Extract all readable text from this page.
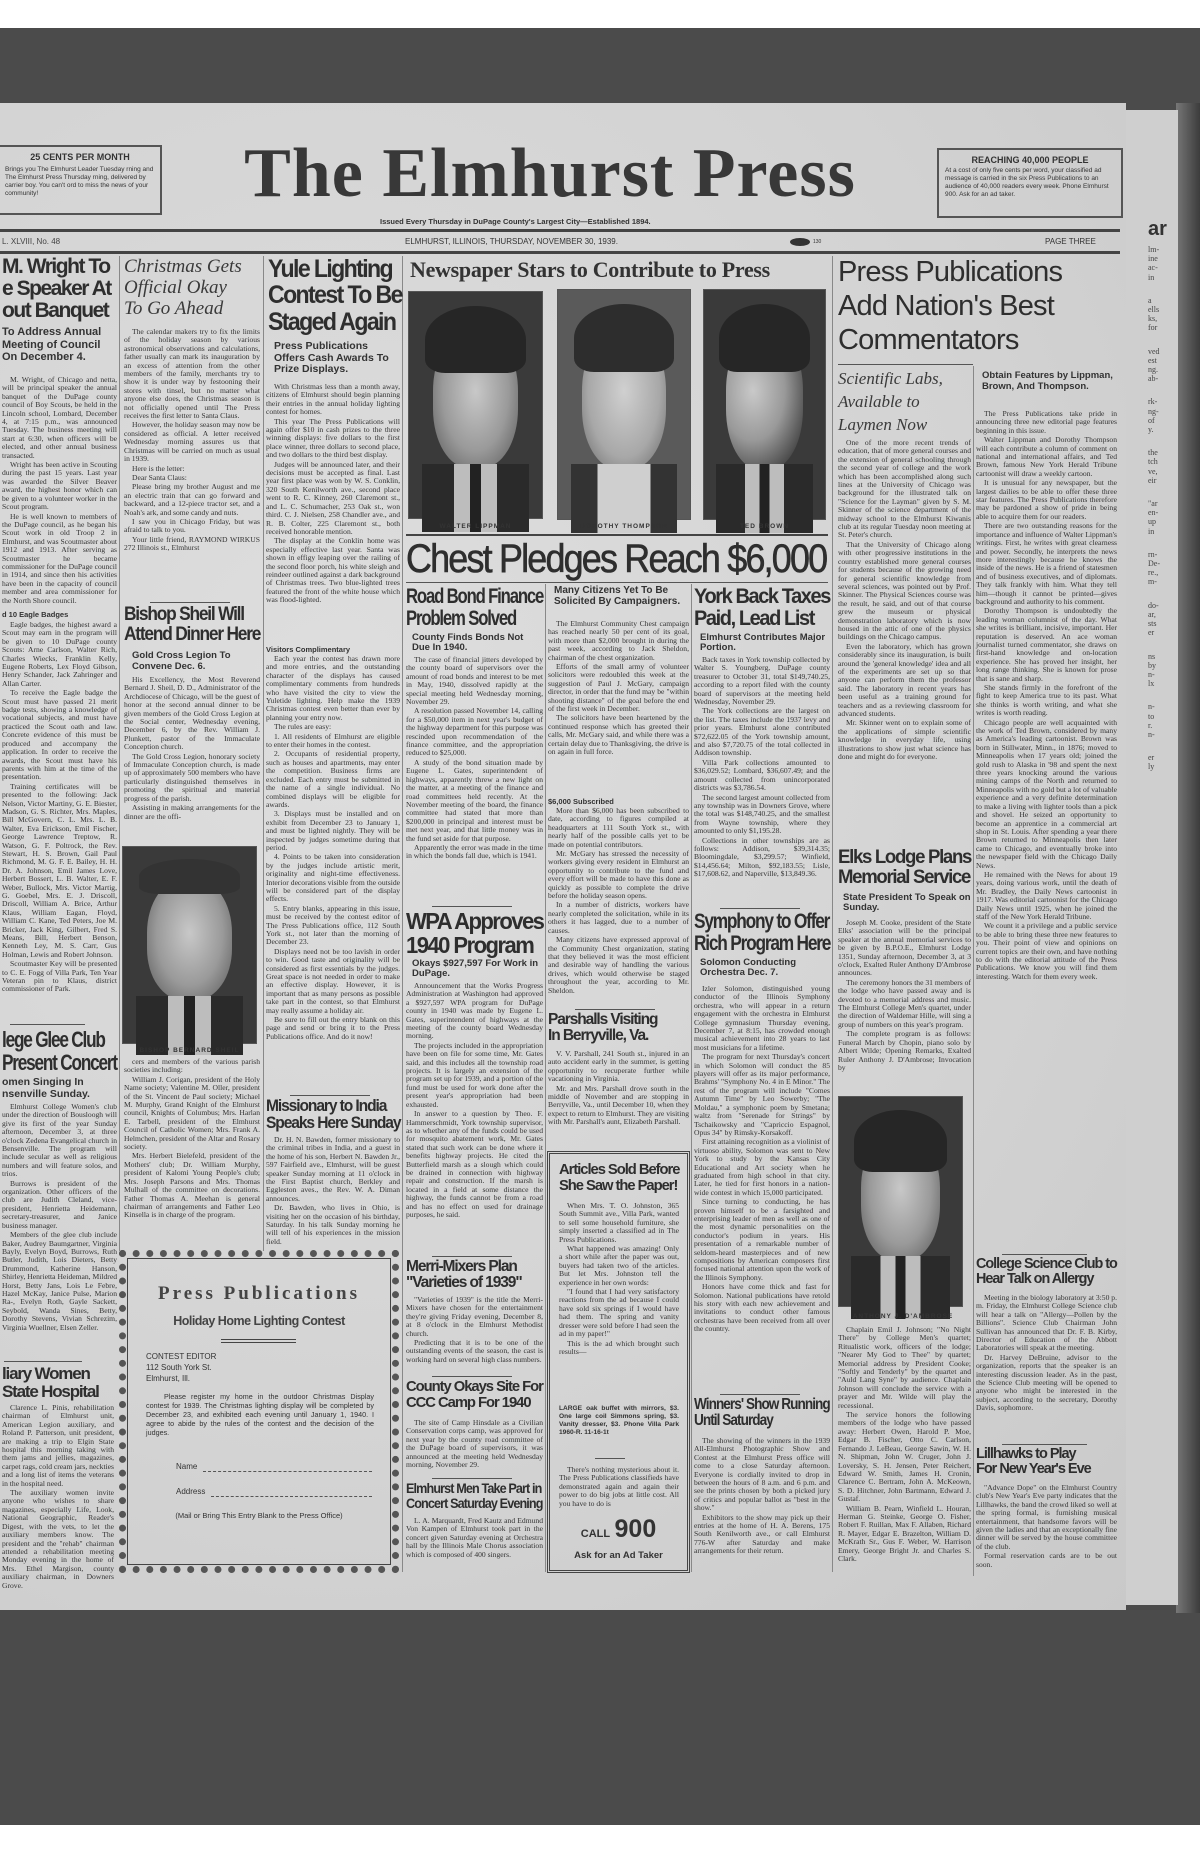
lm-
ine
ac-
in
a
ells
ks,
for
ved
est
ng.
ab-
rk-
ng-
of
y.
the
tch
ve,
eir
"ar
en-
up
in
rn-
De-
re.,
m-
do-
ar,
sts
er
ns
by
n-
lx
n-
to
r.
n-
er
ly
ar
25 CENTS PER MONTH
Brings you The Elmhurst Leader Tuesday rning and The Elmhurst Press Thursday rning, delivered by carrier boy. You can't ord to miss the news of your community!	The Elmhurst Press
Issued Every Thursday in DuPage County's Largest City—Established 1894.
REACHING 40,000 PEOPLE
At a cost of only five cents per word, your classified ad message is carried in the six Press Publications to an audience of 40,000 readers every week. Phone Elmhurst 900. Ask for an ad taker.
L. XLVIII, No. 48	ELMHURST, ILLINOIS, THURSDAY, NOVEMBER 30, 1939.	130	PAGE THREE
M. Wright To
e Speaker At
out Banquet
To Address Annual Meeting of Council On December 4.

M. Wright, of Chicago and netta, will be principal speaker the annual banquet of the DuPage county council of Boy Scouts, be held in the Lincoln school, Lombard, December 4, at 7:15 p.m., was announced Tuesday. The business meeting will start at 6:30, when officers will be elected, and other annual business transacted.

Wright has been active in Scouting during the past 15 years. Last year was awarded the Silver Beaver award, the highest honor which can be given to a volunteer worker in the Scout program.

He is well known to members of the DuPage council, as he began his Scout work in old Troop 2 in Elmhurst, and was Scoutmaster about 1912 and 1913. After serving as Scoutmaster he became commissioner for the DuPage council in 1914, and since then his activities have been in the capacity of council member and area commissioner for the North Shore council.

d 10 Eagle Badges

Eagle badges, the highest award a Scout may earn in the program will be given to 10 DuPage county Scouts: Arne Carlson, Walter Rich, Charles Wiecks, Franklin Kelly, Eugene Roberts, Lex Floyd Gibson, Henry Schander, Jack Zahringer and Allan Carter.

To receive the Eagle badge the Scout must have passed 21 merit badge tests, showing a knowledge of vocational subjects, and must have practiced the Scout oath and law. Concrete evidence of this must be produced and accompany the application. In order to receive the awards, the Scout must have his parents with him at the time of the presentation.

Training certificates will be presented to the following: Jack Nelson, Victor Martiny, G. E. Biester, Madson, G. S. Richter, Mrs. Maples, Bill McGovern, C. L. Mrs. L. B. Walter, Eva Erickson, Emil Fischer, George Lawrence Treptow, R. Watson, G. F. Poltrock, the Rev. Stewart, H. S. Brown, Gail Paul Richmond, M. G. F. E. Bailey, H. H. Dr. A. Johnson, Emil James Love, Herbert Bossert, L. B. Walter, E. F. Weber, Bullock, Mrs. Victor Martig, G. Goebel, Mrs. E. J. Driscoll, Driscoll, William A. Brice, Arthur Klaus, William Eagan, Floyd, William C. Kane, Ted Peters, Joe M. Bricker, Jack King, Gilbert, Fred S. Means, Bill, Herbert Benson, Kenneth Ley, M. S. Carr, Gus Holman, Lewis and Robert Johnson.

Scoutmaster Key will be presented to C. E. Fogg of Villa Park, Ten Year Veteran pin to Klaus, district commissioner of Park.

lege Glee Club
Present Concert
omen Singing In nsenville Sunday.

Elmhurst College Women's club under the direction of Bousloogh will give its first of the year Sunday afternoon, December 3, at three o'clock Zedena Evangelical church in Bensenville. The program will include secular as well as religious numbers and will feature solos, and trios.

Burrows is president of the organization. Other officers of the club are Judith Cleland, vice-president, Henrietta Heidemann, secretary-treasurer, and Janice business manager.

Members of the glee club include Baker, Audrey Baumgartner, Virginia Bayly, Evelyn Boyd, Burrows, Ruth Butler, Judith, Lois Dieters, Betty Drummond, Katherine Hanson, Shirley, Henrietta Heideman, Mildred Horst, Betty Jans, Lois Le Febre, Hazel McKay, Janice Pulse, Marion Ra-, Evelyn Roth, Gayle Sackett, Seybold, Wanda Sines, Betty, Dorothy Stevens, Vivian Schrezim, Virginia Wuellner, Elsen Zeller.

liary Women
State Hospital

Clarence L. Pinis, rehabilitation chairman of Elmhurst unit, American Legion auxiliary, and Roland P. Patterson, unit president, are making a trip to Elgin State hospital this morning taking with them jams and jellies, magazines, carpet rags, cold cream jars, neckties and a long list of items the veterans in the hospital need.

The auxiliary women invite anyone who wishes to share magazines, especially Life, Look, National Geographic, Reader's Digest, with the vets, to let the auxiliary members know. The president and the "rehab" chairman attended a rehabilitation meeting Monday evening in the home of Mrs. Ethel Margison, county auxiliary chairman, in Downers Grove.

Christmas Gets
Official Okay
To Go Ahead

The calendar makers try to fix the limits of the holiday season by various astronomical observations and calculations, father usually can mark its inauguration by an excess of attention from the other members of the family, merchants try to show it is under way by festooning their stores with tinsel, but no matter what anyone else does, the Christmas season is not officially opened until The Press receives the first letter to Santa Claus.

However, the holiday season may now be considered as official. A letter received Wednesday morning assures us that Christmas will be carried on much as usual in 1939.

Here is the letter:

Dear Santa Claus:

Please bring my brother August and me an electric train that can go forward and backward, and a 12-piece tractor set, and a Noah's ark, and some candy and nuts.

I saw you in Chicago Friday, but was afraid to talk to you.

Your little friend, RAYMOND WIRKUS 272 Illinois st., Elmhurst

Bishop Sheil Will
Attend Dinner Here
Gold Cross Legion To Convene Dec. 6.

His Excellency, the Most Reverend Bernard J. Sheil, D. D., Administrator of the Archdiocese of Chicago, will be the guest of honor at the second annual dinner to be given members of the Gold Cross Legion at the Social center, Wednesday evening, December 6, by the Rev. William J. Plunkett, pastor of the Immaculate Conception church.

The Gold Cross Legion, honorary society of Immaculate Conception church, is made up of approximately 500 members who have particularly distinguished themselves in promoting the spiritual and material progress of the parish.

Assisting in making arrangements for the dinner are the offi-

BISHOP BERNARD SHEIL

cers and members of the various parish societies including:

William J. Corigan, president of the Holy Name society; Valentine M. Oller, president of the St. Vincent de Paul society; Michael M. Murphy, Grand Knight of the Elmhurst council, Knights of Columbus; Mrs. Harlan E. Tarbell, president of the Elmhurst Council of Catholic Women; Mrs. Frank A. Helmchen, president of the Altar and Rosary society.

Mrs. Herbert Bielefeld, president of the Mothers' club; Dr. William Murphy, president of Kalomi Young People's club; Mrs. Joseph Parsons and Mrs. Thomas Mulhall of the committee on decorations. Father Thomas A. Meehan is general chairman of arrangements and Father Leo Kinsella is in charge of the program.

Yule Lighting
Contest To Be
Staged Again
Press Publications Offers Cash Awards To Prize Displays.

With Christmas less than a month away, citizens of Elmhurst should begin planning their entries in the annual holiday lighting contest for homes.

This year The Press Publications will again offer $10 in cash prizes to the three winning displays: five dollars to the first place winner, three dollars to second place, and two dollars to the third best display.

Judges will be announced later, and their decisions must be accepted as final. Last year first place was won by W. S. Conklin, 320 South Kenilworth ave., second place went to R. C. Kinney, 260 Claremont st., and L. C. Schumacher, 253 Oak st., won third. C. J. Nielsen, 258 Chandler ave., and R. B. Colter, 225 Claremont st., both received honorable mention.

The display at the Conklin home was especially effective last year. Santa was shown in effigy leaping over the railing of the second floor porch, his white sleigh and reindeer outlined against a dark background of Christmas trees. Two blue-lighted trees featured the front of the white house which was flood-lighted.

Visitors Complimentary

Each year the contest has drawn more and more entries, and the outstanding character of the displays has caused complimentary comments from hundreds who have visited the city to view the Yuletide lighting. Help make the 1939 Christmas contest even better than ever by planning your entry now.

The rules are easy:

1. All residents of Elmhurst are eligible to enter their homes in the contest.

2. Occupants of residential property, such as houses and apartments, may enter the competition. Business firms are excluded. Each entry must be submitted in the name of a single individual. No combined displays will be eligible for awards.

3. Displays must be installed and on exhibit from December 23 to January 1, and must be lighted nightly. They will be inspected by judges sometime during that period.

4. Points to be taken into consideration by the judges include artistic merit, originality and night-time effectiveness. Interior decorations visible from the outside will be considered part of the display effects.

5. Entry blanks, appearing in this issue, must be received by the contest editor of The Press Publications office, 112 South York st., not later than the morning of December 23.

Displays need not be too lavish in order to win. Good taste and originality will be considered as first essentials by the judges. Great space is not needed in order to make an effective display. However, it is important that as many persons as possible take part in the contest, so that Elmhurst may really assume a holiday air.

Be sure to fill out the entry blank on this page and send or bring it to the Press Publications office. And do it now!

Missionary to India
Speaks Here Sunday

Dr. H. N. Bawden, former missionary to the criminal tribes in India, and a guest in the home of his son, Herbert N. Bawden Jr., 597 Fairfield ave., Elmhurst, will be guest speaker Sunday morning at 11 o'clock in the First Baptist church, Berkley and Eggleston aves., the Rev. W. A. Diman announces.

Dr. Bawden, who lives in Ohio, is visiting her on the occasion of his birthday, Saturday. In his talk Sunday morning he will tell of his experiences in the mission field.

Press Publications
Holiday Home Lighting Contest
CONTEST EDITOR
112 South York St.
Elmhurst, Ill.
Please register my home in the outdoor Christmas Display contest for 1939. The Christmas lighting display will be completed by December 23, and exhibited each evening until January 1, 1940. I agree to abide by the rules of the contest and the decision of the judges.
Name
Address
(Mail or Bring This Entry Blank to the Press Office)
Newspaper Stars to Contribute to Press
WALTER LIPPMAN	DOROTHY THOMPSON	TED BROWN
Chest Pledges Reach $6,000
Road Bond Finance
Problem Solved
County Finds Bonds Not Due In 1940.

The case of financial jitters developed by the county board of supervisors over the amount of road bonds and interest to be met in May, 1940, dissolved rapidly at the special meeting held Wednesday morning, November 29.

A resolution passed November 14, calling for a $50,000 item in next year's budget of the highway department for this purpose was rescinded upon recommendation of the finance committee, and the appropriation reduced to $25,000.

A study of the bond situation made by Eugene L. Gates, superintendent of highways, apparently threw a new light on the matter, at a meeting of the finance and road committees held recently. At the November meeting of the board, the finance committee had stated that more than $200,000 in principal and interest must be met next year, and that little money was in the fund set aside for that purpose.

Apparently the error was made in the time in which the bonds fall due, which is 1941.

WPA Approves
1940 Program
Okays $927,597 For Work in DuPage.

Announcement that the Works Progress Administration at Washington had approved a $927,597 WPA program for DuPage county in 1940 was made by Eugene L. Gates, superintendent of highways at the meeting of the county board Wednesday morning.

The projects included in the appropriation have been on file for some time, Mr. Gates said, and this includes all the township road projects. It is largely an extension of the program set up for 1939, and a portion of the fund must be used for work done after the present year's appropriation had been exhausted.

In answer to a question by Theo. F. Hammerschmidt, York township supervisor, as to whether any of the funds could be used for mosquito abatement work, Mr. Gates stated that such work can be done where it benefits highway projects. He cited the Butterfield marsh as a slough which could be drained in connection with highway repair and construction. If the marsh is located in a field at some distance the highway, the funds cannot be from a road and has no effect on used for drainage purposes, he said.

Merri-Mixers Plan
"Varieties of 1939"

"Varieties of 1939" is the title the Merri-Mixers have chosen for the entertainment they're giving Friday evening, December 8, at 8 o'clock in the Elmhurst Methodist church.

Predicting that it is to be one of the outstanding events of the season, the cast is working hard on several high class numbers.

County Okays Site For
CCC Camp For 1940

The site of Camp Hinsdale as a Civilian Conservation corps camp, was approved for next year by the county road committee of the DuPage board of supervisors, it was announced at the meeting held Wednesday morning, November 29.

Elmhurst Men Take Part in
Concert Saturday Evening

L. A. Marquardt, Fred Kautz and Edmund Von Kampen of Elmhurst took part in the concert given Saturday evening at Orchestra hall by the Illinois Male Chorus association which is composed of 400 singers.

Many Citizens Yet To Be Solicited By Campaigners.

The Elmhurst Community Chest campaign has reached nearly 50 per cent of its goal, with more than $2,000 brought in during the past week, according to Jack Sheldon, chairman of the chest organization.

Efforts of the small army of volunteer solicitors were redoubled this week at the suggestion of Paul J. McGary, campaign director, in order that the fund may be "within shooting distance" of the goal before the end of the first week in December.

The solicitors have been heartened by the continued response which has greeted their calls, Mr. McGary said, and while there was a certain delay due to Thanksgiving, the drive is on again in full force.

$6,000 Subscribed

More than $6,000 has been subscribed to date, according to figures compiled at headquarters at 111 South York st., with nearly half of the possible calls yet to be made on potential contributors.

Mr. McGary has stressed the necessity of workers giving every resident in Elmhurst an opportunity to contribute to the fund and every effort will be made to have this done as quickly as possible to complete the drive before the holiday season opens.

In a number of districts, workers have nearly completed the solicitation, while in its others it has lagged, due to a number of causes.

Many citizens have expressed approval of the Community Chest organization, stating that they believed it was the most efficient and desirable way of handling the various drives, which would otherwise be staged throughout the year, according to Mr. Sheldon.

Parshalls Visiting
In Berryville, Va.

V. V. Parshall, 241 South st., injured in an auto accident early in the summer, is getting opportunity to recuperate further while vacationing in Virginia.

Mr. and Mrs. Parshall drove south in the middle of November and are stopping in Berryville, Va., until December 10, when they expect to return to Elmhurst. They are visiting with Mr. Parshall's aunt, Elizabeth Parshall.

Articles Sold Before
She Saw the Paper!

When Mrs. T. O. Johnston, 365 South Summit ave., Villa Park, wanted to sell some household furniture, she simply inserted a classified ad in The Press Publications.

What happened was amazing! Only a short while after the paper was out, buyers had taken two of the articles. But let Mrs. Johnston tell the experience in her own words:

"I found that I had very satisfactory reactions from the ad because I could have sold six springs if I would have had them. The spring and vanity dresser were sold before I had seen the ad in my paper!"

This is the ad which brought such results—

LARGE oak buffet with mirrors, $3. One large coil Simmons spring, $3. Vanity dresser, $3. Phone Villa Park 1960-R. 11-16-1t

There's nothing mysterious about it. The Press Publications classifieds have demonstrated again and again their power to do big jobs at little cost. All you have to do is

CALL 900
Ask for an Ad Taker
York Back Taxes
Paid, Lead List
Elmhurst Contributes Major Portion.

Back taxes in York township collected by Walter S. Youngberg, DuPage county treasurer to October 31, total $149,740.25, according to a report filed with the county board of supervisors at the meeting held Wednesday, November 29.

The York collections are the largest on the list. The taxes include the 1937 levy and prior years. Elmhurst alone contributed $72,622.05 of the York township amount, and also $7,720.75 of the total collected in Addison township.

Villa Park collections amounted to $36,029.52; Lombard, $36,607.49; and the amount collected from unincorporated districts was $3,786.54.

The second largest amount collected from any township was in Downers Grove, where the total was $148,740.25, and the smallest from Wayne township, where they amounted to only $1,195.28.

Collections in other townships are as follows: Addison, $39,314.35; Bloomingdale, $3,299.57; Winfield, $14,456.64; Milton, $92,183.55; Lisle, $17,608.62, and Naperville, $13,849.36.

Symphony to Offer
Rich Program Here
Solomon Conducting Orchestra Dec. 7.

Izler Solomon, distinguished young conductor of the Illinois Symphony orchestra, who will appear in a return engagement with the orchestra in Elmhurst College gymnasium Thursday evening, December 7, at 8:15, has crowded enough musical achievement into 28 years to last most musicians for a lifetime.

The program for next Thursday's concert in which Solomon will conduct the 85 players will offer as its major performance, Brahms' "Symphony No. 4 in E Minor." The rest of the program will include "Comes Autumn Time" by Leo Sowerby; "The Moldau," a symphonic poem by Smetana; waltz from "Serenade for Strings" by Tschaikowsky and "Capriccio Espagnol, Opus 34" by Rimsky-Korsakoff.

First attaining recognition as a violinist of virtuoso ability, Solomon was sent to New York to study by the Kansas City Educational and Art society when he graduated from high school in that city. Later, he tied for first honors in a nation-wide contest in which 15,000 participated.

Since turning to conducting, he has proven himself to be a farsighted and enterprising leader of men as well as one of the most dynamic personalities on the conductor's podium in years. His presentation of a remarkable number of seldom-heard masterpieces and of new compositions by American composers first focused national attention upon the work of the Illinois Symphony.

Honors have come thick and fast for Solomon. National publications have retold his story with each new achievement and invitations to conduct other famous orchestras have been received from all over the country.

Winners' Show Running
Until Saturday

The showing of the winners in the 1939 All-Elmhurst Photographic Show and Contest at the Elmhurst Press office will come to a close Saturday afternoon. Everyone is cordially invited to drop in between the hours of 8 a.m. and 6 p.m. and see the prints chosen by both a picked jury of critics and popular ballot as "best in the show."

Exhibitors to the show may pick up their entries at the home of H. A. Berens, 175 South Kenilworth ave., or call Elmhurst 776-W after Saturday and make arrangements for their return.

Press Publications
Add Nation's Best
Commentators
Scientific Labs,
Available to
Laymen Now

One of the more recent trends of education, that of more general courses and the extension of general schooling through the second year of college and the work which has been accomplished along such lines at the University of Chicago was background for the illustrated talk on "Science for the Layman" given by S. M. Skinner of the science department of the midway school to the Elmhurst Kiwanis club at its regular Tuesday noon meeting at St. Peter's church.

That the University of Chicago along with other progressive institutions in the country established more general courses for students because of the growing need for general scientific knowledge from several sciences, was pointed out by Prof. Skinner. The Physical Sciences course was the result, he said, and out of that course grew the museum or physical demonstration laboratory which is now housed in the attic of one of the physics buildings on the Chicago campus.

Even the laboratory, which has grown considerably since its inauguration, is built around the 'general knowledge' idea and all of the experiments are set up so that anyone can perform them the professor said. The laboratory in recent years has been useful as a training ground for teachers and as a reviewing classroom for advanced students.

Mr. Skinner went on to explain some of the applications of simple scientific knowledge in everyday life, using illustrations to show just what science has done and might do for everyone.

Elks Lodge Plans
Memorial Service
State President To Speak on Sunday.

Joseph M. Cooke, president of the State Elks' association will be the principal speaker at the annual memorial services to be given by B.P.O.E., Elmhurst Lodge 1351, Sunday afternoon, December 3, at 3 o'clock, Exalted Ruler Anthony D'Ambrose announces.

The ceremony honors the 31 members of the lodge who have passed away and is devoted to a memorial address and music. The Elmhurst College Men's quartet, under the direction of Waldemar Hille, will sing a group of numbers on this year's program.

The complete program is as follows: Funeral March by Chopin, piano solo by Albert Wilde; Opening Remarks, Exalted Ruler Anthony J. D'Ambrose; Invocation by

ANTHONY J. D'AMBROSE

Chaplain Emil J. Johnson; "No Night There" by College Men's quartet; Ritualistic work, officers of the lodge; "Nearer My God to Thee" by quartet; Memorial address by President Cooke; "Softly and Tenderly" by the quartet and "Auld Lang Syne" by audience. Chaplain Johnson will conclude the service with a prayer and Mr. Wilde will play the recessional.

The service honors the following members of the lodge who have passed away: Herbert Owen, Harold P. Moe, Edgar B. Fischer, Otto C. Carlson, Fernando J. LeBeau, George Sawin, W. H. N. Shipman, John W. Cruger, John J. Loversky, S. H. Jensen, Peter Reichert, Edward W. Smith, James H. Cronin, Clarence C. Bertram, John A. McKeown, S. D. Hitchner, John Bartmann, Edward J. Gustaf.

William B. Pearn, Winfield L. Houran, Herman G. Steinke, George O. Fisher, Robert F. Ruillan, Max F. Allaben, Richard R. Mayer, Edgar E. Brazelton, William D. McKrath Sr., Gus F. Weber, W. Harrison Emery, George Bright Jr. and Charles S. Clark.

Obtain Features by Lippman, Brown, And Thompson.

The Press Publications take pride in announcing three new editorial page features beginning in this issue.

Walter Lippman and Dorothy Thompson will each contribute a column of comment on national and international affairs, and Ted Brown, famous New York Herald Tribune cartoonist will draw a weekly cartoon.

It is unusual for any newspaper, but the largest dailies to be able to offer these three star features. The Press Publications therefore may be pardoned a show of pride in being able to acquire them for our readers.

There are two outstanding reasons for the importance and influence of Walter Lippman's writings. First, he writes with great clearness and power. Secondly, he interprets the news more interestingly because he knows the inside of the news. He is a friend of statesmen and of business executives, and of diplomats. They talk frankly with him. What they tell him—though it cannot be printed—gives background and authority to his comment.

Dorothy Thompson is undoubtedly the leading woman columnist of the day. What she writes is brilliant, incisive, important. Her reputation is deserved. An ace woman journalist turned commentator, she draws on first-hand knowledge and on-location experience. She has proved her insight, her long range thinking. She is known for prose that is sane and sharp.

She stands firmly in the forefront of the fight to keep America true to its past. What she thinks is worth writing, and what she writes is worth reading.

Chicago people are well acquainted with the work of Ted Brown, considered by many as America's leading cartoonist. Brown was born in Stillwater, Minn., in 1876; moved to Minneapolis when 17 years old; joined the gold rush to Alaska in '98 and spent the next three years knocking around the various mining camps of the North and returned to Minneapolis with no gold but a lot of valuable experience and a very definite determination to make a living with lighter tools than a pick and shovel. He seized an opportunity to become an apprentice in a commercial art shop in St. Louis. After spending a year there Brown returned to Minneapolis then later came to Chicago, and eventually broke into the newspaper field with the Chicago Daily News.

He remained with the News for about 19 years, doing various work, until the death of Mr. Bradley, the Daily News cartoonist in 1917. Was editorial cartoonist for the Chicago Daily News until 1925, when he joined the staff of the New York Herald Tribune.

We count it a privilege and a public service to be able to bring these three new features to you. Their point of view and opinions on current topics are their own, and have nothing to do with the editorial attitude of the Press Publications. We know you will find them interesting. Watch for them every week.

College Science Club to
Hear Talk on Allergy

Meeting in the biology laboratory at 3:50 p. m. Friday, the Elmhurst College Science club will hear a talk on "Allergy—Pollen by the Billions". Science Club Chairman John Sullivan has announced that Dr. F. B. Kirby, Director of Education of the Abbott Laboratories will speak at the meeting.

Dr. Harvey DeBruine, advisor to the organization, reports that the speaker is an interesting discussion leader. As in the past, the Science Club meeting will be opened to anyone who might be interested in the subject, according to the secretary, Dorothy Davis, sophomore.

Lillhawks to Play
For New Year's Eve

"Advance Dope" on the Elmhurst Country club's New Year's Eve party indicates that the Lillhawks, the band the crowd liked so well at the spring formal, is furnishing musical entertainment, that handsome favors will be given the ladies and that an exceptionally fine dinner will be served by the house committee of the club.

Formal reservation cards are to be out soon.
